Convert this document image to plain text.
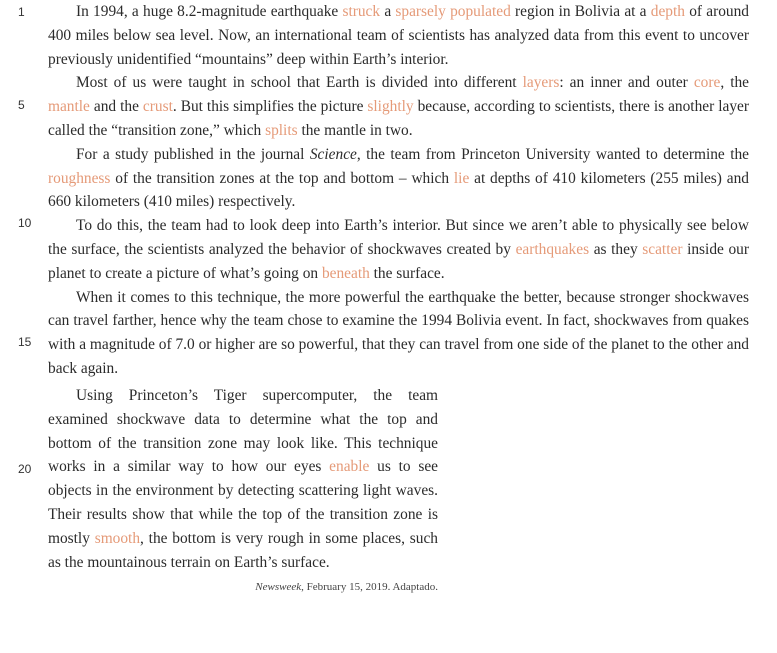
1
5
10
15
20

In 1994, a huge 8.2-magnitude earthquake struck a sparsely populated region in Bolivia at a depth of around 400 miles below sea level. Now, an international team of scientists has analyzed data from this event to uncover previously unidentified “mountains” deep within Earth’s interior.

Most of us were taught in school that Earth is divided into different layers: an inner and outer core, the mantle and the crust. But this simplifies the picture slightly because, according to scientists, there is another layer called the “transition zone,” which splits the mantle in two.

For a study published in the journal Science, the team from Princeton University wanted to determine the roughness of the transition zones at the top and bottom – which lie at depths of 410 kilometers (255 miles) and 660 kilometers (410 miles) respectively.

To do this, the team had to look deep into Earth’s interior. But since we aren’t able to physically see below the surface, the scientists analyzed the behavior of shockwaves created by earthquakes as they scatter inside our planet to create a picture of what’s going on beneath the surface.

When it comes to this technique, the more powerful the earthquake the better, because stronger shockwaves can travel farther, hence why the team chose to examine the 1994 Bolivia event. In fact, shockwaves from quakes with a magnitude of 7.0 or higher are so powerful, that they can travel from one side of the planet to the other and back again.

Using Princeton’s Tiger supercomputer, the team examined shockwave data to determine what the top and bottom of the transition zone may look like. This technique works in a similar way to how our eyes enable us to see objects in the environment by detecting scattering light waves. Their results show that while the top of the transition zone is mostly smooth, the bottom is very rough in some places, such as the mountainous terrain on Earth’s surface.

Newsweek, February 15, 2019. Adaptado.
